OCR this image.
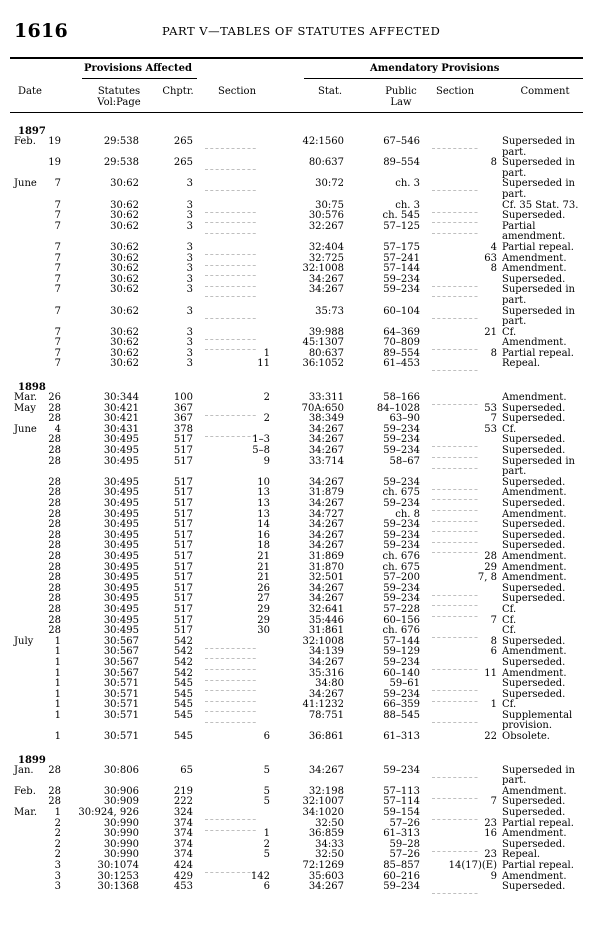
1616	PART V—TABLES OF STATUTES AFFECTED
Provisions Affected	Amendatory Provisions
Date	Statutes
Vol:Page
Chptr.	Section	Stat.	Public
Law
Section	Comment
1897
Feb.	19	29:538	265 _ _ _ _ _ _ _ _ _ _	42:1560	67–546 _ _ _ _ _ _ _ _ _	Superseded in part.
19	29:538	265 _ _ _ _ _ _ _ _ _ _	80:637	89–554	8 Superseded in part.
June	7	30:62	3 _ _ _ _ _ _ _ _ _ _	30:72	ch. 3 _ _ _ _ _ _ _ _ _	Superseded in part.
7	30:62	3 _ _ _ _ _ _ _ _ _ _	30:75	ch. 3 _ _ _ _ _ _ _ _ _	Cf. 35 Stat. 73.
7	30:62	3 _ _ _ _ _ _ _ _ _ _	30:576	ch. 545 _ _ _ _ _ _ _ _ _	Superseded.
7	30:62	3 _ _ _ _ _ _ _ _ _ _	32:267	57–125 _ _ _ _ _ _ _ _ _	Partial amendment.
7	30:62	3 _ _ _ _ _ _ _ _ _ _	32:404	57–175	4 Partial repeal.
7	30:62	3 _ _ _ _ _ _ _ _ _ _	32:725	57–241	63 Amendment.
7	30:62	3 _ _ _ _ _ _ _ _ _ _	32:1008	57–144	8 Amendment.
7	30:62	3 _ _ _ _ _ _ _ _ _ _	34:267	59–234 _ _ _ _ _ _ _ _ _	Superseded.
7	30:62	3 _ _ _ _ _ _ _ _ _ _	34:267	59–234 _ _ _ _ _ _ _ _ _	Superseded in part.
7	30:62	3 _ _ _ _ _ _ _ _ _ _	35:73	60–104 _ _ _ _ _ _ _ _ _	Superseded in part.
7	30:62	3 _ _ _ _ _ _ _ _ _ _	39:988	64–369	21 Cf.
7	30:62	3 _ _ _ _ _ _ _ _ _ _	45:1307	70–809 _ _ _ _ _ _ _ _ _	Amendment.
7	30:62	3	1	80:637	89–554	8 Partial repeal.
7	30:62	3	11	36:1052	61–453 _ _ _ _ _ _ _ _ _	Repeal.
1898
Mar.	26	30:344	100	2	33:311	58–166 _ _ _ _ _ _ _ _ _	Amendment.
May	28	30:421	367 _ _ _ _ _ _ _ _ _ _	70A:650	84–1028	53 Superseded.
28	30:421	367	2	38:349	63–90	7 Superseded.
June	4	30:431	378 _ _ _ _ _ _ _ _ _ _	34:267	59–234	53 Cf.
28	30:495	517	1–3	34:267	59–234 _ _ _ _ _ _ _ _ _	Superseded.
28	30:495	517	5–8	34:267	59–234 _ _ _ _ _ _ _ _ _	Superseded.
28	30:495	517	9	33:714	58–67 _ _ _ _ _ _ _ _ _	Superseded in part.
28	30:495	517	10	34:267	59–234 _ _ _ _ _ _ _ _ _	Superseded.
28	30:495	517	13	31:879	ch. 675 _ _ _ _ _ _ _ _ _	Amendment.
28	30:495	517	13	34:267	59–234 _ _ _ _ _ _ _ _ _	Superseded.
28	30:495	517	13	34:727	ch. 8 _ _ _ _ _ _ _ _ _	Amendment.
28	30:495	517	14	34:267	59–234 _ _ _ _ _ _ _ _ _	Superseded.
28	30:495	517	16	34:267	59–234 _ _ _ _ _ _ _ _ _	Superseded.
28	30:495	517	18	34:267	59–234 _ _ _ _ _ _ _ _ _	Superseded.
28	30:495	517	21	31:869	ch. 676	28 Amendment.
28	30:495	517	21	31:870	ch. 675	29 Amendment.
28	30:495	517	21	32:501	57–200	7, 8 Amendment.
28	30:495	517	26	34:267	59–234 _ _ _ _ _ _ _ _ _	Superseded.
28	30:495	517	27	34:267	59–234 _ _ _ _ _ _ _ _ _	Superseded.
28	30:495	517	29	32:641	57–228 _ _ _ _ _ _ _ _ _	Cf.
28	30:495	517	29	35:446	60–156	7 Cf.
28	30:495	517	30	31:861	ch. 676 _ _ _ _ _ _ _ _ _	Cf.
July	1	30:567	542 _ _ _ _ _ _ _ _ _ _	32:1008	57–144	8 Superseded.
1	30:567	542 _ _ _ _ _ _ _ _ _ _	34:139	59–129	6 Amendment.
1	30:567	542 _ _ _ _ _ _ _ _ _ _	34:267	59–234 _ _ _ _ _ _ _ _ _	Superseded.
1	30:567	542 _ _ _ _ _ _ _ _ _ _	35:316	60–140	11 Amendment.
1	30:571	545 _ _ _ _ _ _ _ _ _ _	34:80	59–61 _ _ _ _ _ _ _ _ _	Superseded.
1	30:571	545 _ _ _ _ _ _ _ _ _ _	34:267	59–234 _ _ _ _ _ _ _ _ _	Superseded.
1	30:571	545 _ _ _ _ _ _ _ _ _ _	41:1232	66–359	1 Cf.
1	30:571	545 _ _ _ _ _ _ _ _ _ _	78:751	88–545 _ _ _ _ _ _ _ _ _	Supplemental provision.
1	30:571	545	6	36:861	61–313	22 Obsolete.
1899
Jan.	28	30:806	65	5	34:267	59–234 _ _ _ _ _ _ _ _ _	Superseded in part.
Feb.	28	30:906	219	5	32:198	57–113 _ _ _ _ _ _ _ _ _	Amendment.
28	30:909	222	5	32:1007	57–114	7 Superseded.
Mar.	1	30:924, 926	324 _ _ _ _ _ _ _ _ _ _	34:1020	59–154 _ _ _ _ _ _ _ _ _	Superseded.
2	30:990	374 _ _ _ _ _ _ _ _ _ _	32:50	57–26	23 Partial repeal.
2	30:990	374	1	36:859	61–313	16 Amendment.
2	30:990	374	2	34:33	59–28 _ _ _ _ _ _ _ _ _	Superseded.
2	30:990	374	5	32:50	57–26	23 Repeal.
3	30:1074	424 _ _ _ _ _ _ _ _ _ _	72:1269	85–857	14(17)(E) Partial repeal.
3	30:1253	429	142	35:603	60–216	9 Amendment.
3	30:1368	453	6	34:267	59–234 _ _ _ _ _ _ _ _ _	Superseded.
